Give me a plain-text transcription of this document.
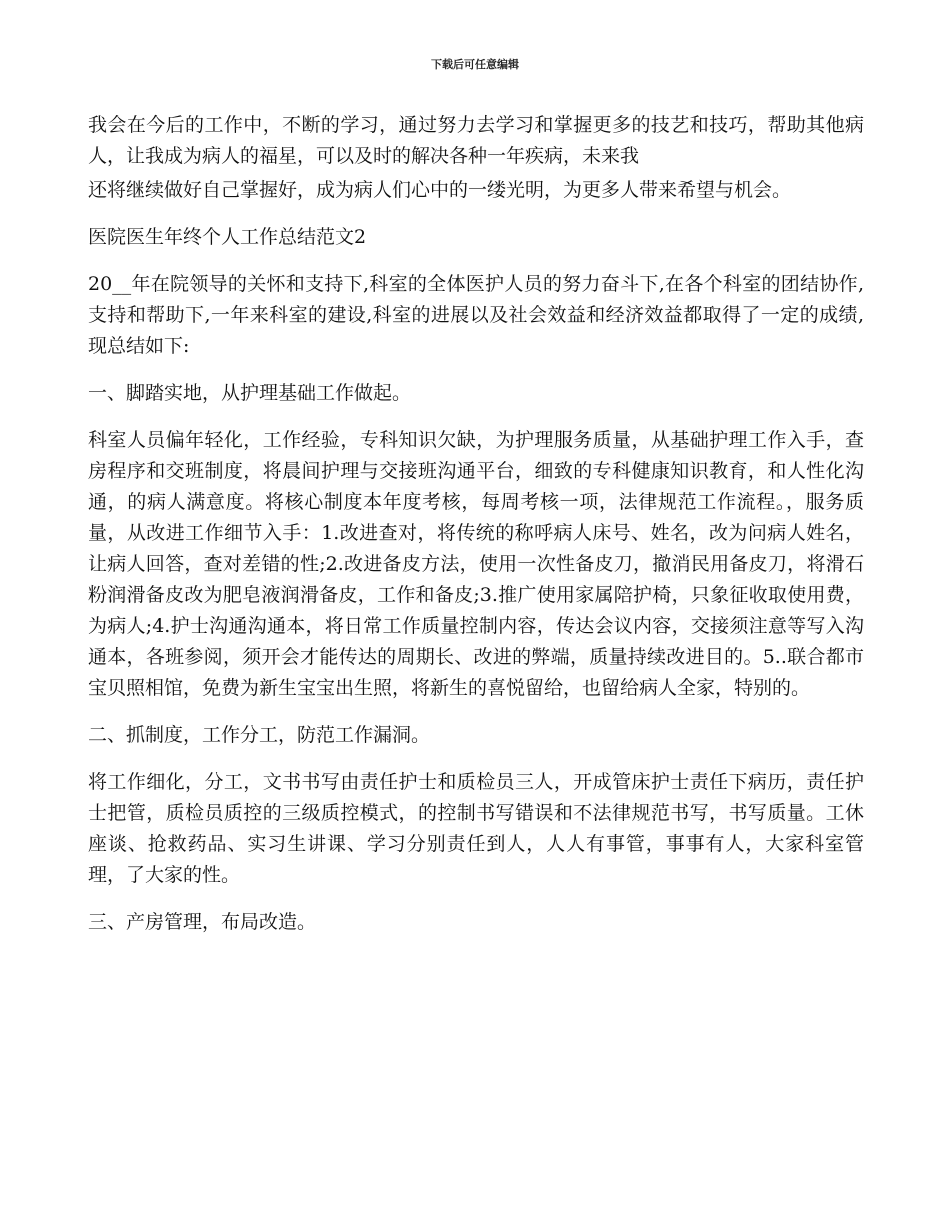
下载后可任意编辑

我会在今后的工作中，不断的学习，通过努力去学习和掌握更多的技艺和技巧，帮助其他病人，让我成为病人的福星，可以及时的解决各种一年疾病，未来我

还将继续做好自己掌握好，成为病人们心中的一缕光明，为更多人带来希望与机会。

医院医生年终个人工作总结范文2

20__年在院领导的关怀和支持下,科室的全体医护人员的努力奋斗下,在各个科室的团结协作,支持和帮助下,一年来科室的建设,科室的进展以及社会效益和经济效益都取得了一定的成绩,现总结如下:

一、脚踏实地，从护理基础工作做起。

科室人员偏年轻化，工作经验，专科知识欠缺，为护理服务质量，从基础护理工作入手，查房程序和交班制度，将晨间护理与交接班沟通平台，细致的专科健康知识教育，和人性化沟通，的病人满意度。将核心制度本年度考核，每周考核一项，法律规范工作流程。，服务质量，从改进工作细节入手：1.改进查对，将传统的称呼病人床号、姓名，改为问病人姓名，让病人回答，查对差错的性;2.改进备皮方法，使用一次性备皮刀，撤消民用备皮刀，将滑石粉润滑备皮改为肥皂液润滑备皮，工作和备皮;3.推广使用家属陪护椅，只象征收取使用费，为病人;4.护士沟通沟通本，将日常工作质量控制内容，传达会议内容，交接须注意等写入沟通本，各班参阅，须开会才能传达的周期长、改进的弊端，质量持续改进目的。5..联合都市宝贝照相馆，免费为新生宝宝出生照，将新生的喜悦留给，也留给病人全家，特别的。

二、抓制度，工作分工，防范工作漏洞。

将工作细化，分工，文书书写由责任护士和质检员三人，开成管床护士责任下病历，责任护士把管，质检员质控的三级质控模式，的控制书写错误和不法律规范书写，书写质量。工休座谈、抢救药品、实习生讲课、学习分别责任到人，人人有事管，事事有人，大家科室管理，了大家的性。

三、产房管理，布局改造。
